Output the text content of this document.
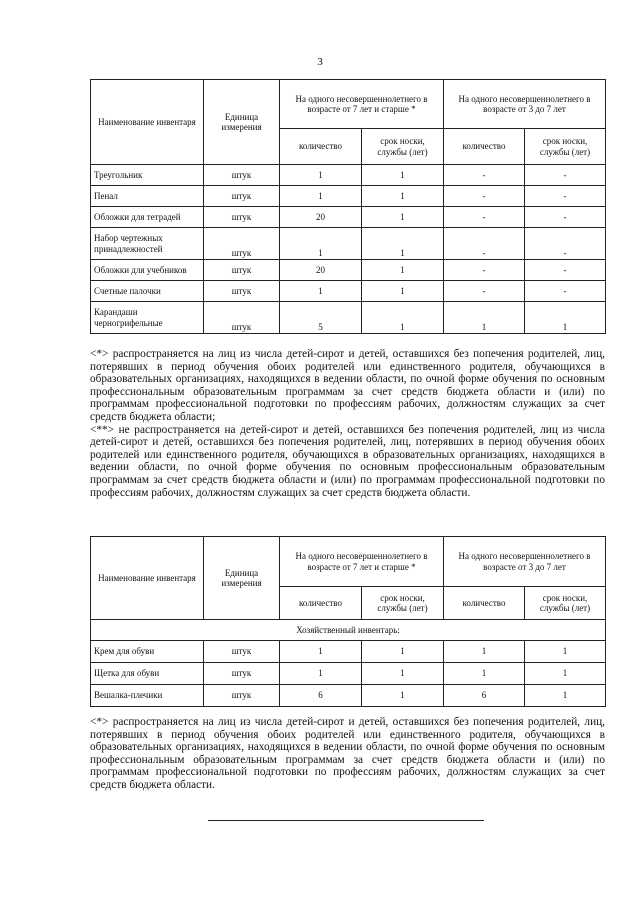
3
Наименование инвентаря	Единица измерения	На одного несовершеннолетнего в возрасте от 7 лет и старше *		На одного несовершеннолетнего в возрасте от 3 до 7 лет	
		количество	срок носки, службы (лет)	количество	срок носки, службы (лет)
Треугольник	штук	1	1	-	-
Пенал	штук	1	1	-	-
Обложки для тетрадей	штук	20	1	-	-
Набор чертежных принадлежностей	штук	1	1	-	-
Обложки для учебников	штук	20	1	-	-
Счетные палочки	штук	1	1	-	-
Карандаши черногрифельные	штук	5	1	1	1

<*> распространяется на лиц из числа детей-сирот и детей, оставшихся без попечения родителей, лиц, потерявших в период обучения обоих родителей или единственного родителя, обучающихся в образовательных организациях, находящихся в ведении области, по очной форме обучения по основным профессиональным образовательным программам за счет средств бюджета области и (или) по программам профессиональной подготовки по профессиям рабочих, должностям служащих за счет средств бюджета области;

<**> не распространяется на детей-сирот и детей, оставшихся без попечения родителей, лиц из числа детей-сирот и детей, оставшихся без попечения родителей, лиц, потерявших в период обучения обоих родителей или единственного родителя, обучающихся в образовательных организациях, находящихся в ведении области, по очной форме обучения по основным профессиональным образовательным программам за счет средств бюджета области и (или) по программам профессиональной подготовки по профессиям рабочих, должностям служащих за счет средств бюджета области.

Наименование инвентаря	Единица измерения	На одного несовершеннолетнего в возрасте от 7 лет и старше *		На одного несовершеннолетнего в возрасте от 3 до 7 лет	
		количество	срок носки, службы (лет)	количество	срок носки, службы (лет)
Хозяйственный инвентарь:					
Крем для обуви	штук	1	1	1	1
Щетка для обуви	штук	1	1	1	1
Вешалка-плечики	штук	6	1	6	1

<*> распространяется на лиц из числа детей-сирот и детей, оставшихся без попечения родителей, лиц, потерявших в период обучения обоих родителей или единственного родителя, обучающихся в образовательных организациях, находящихся в ведении области, по очной форме обучения по основным профессиональным образовательным программам за счет средств бюджета области и (или) по программам профессиональной подготовки по профессиям рабочих, должностям служащих за счет средств бюджета области.
